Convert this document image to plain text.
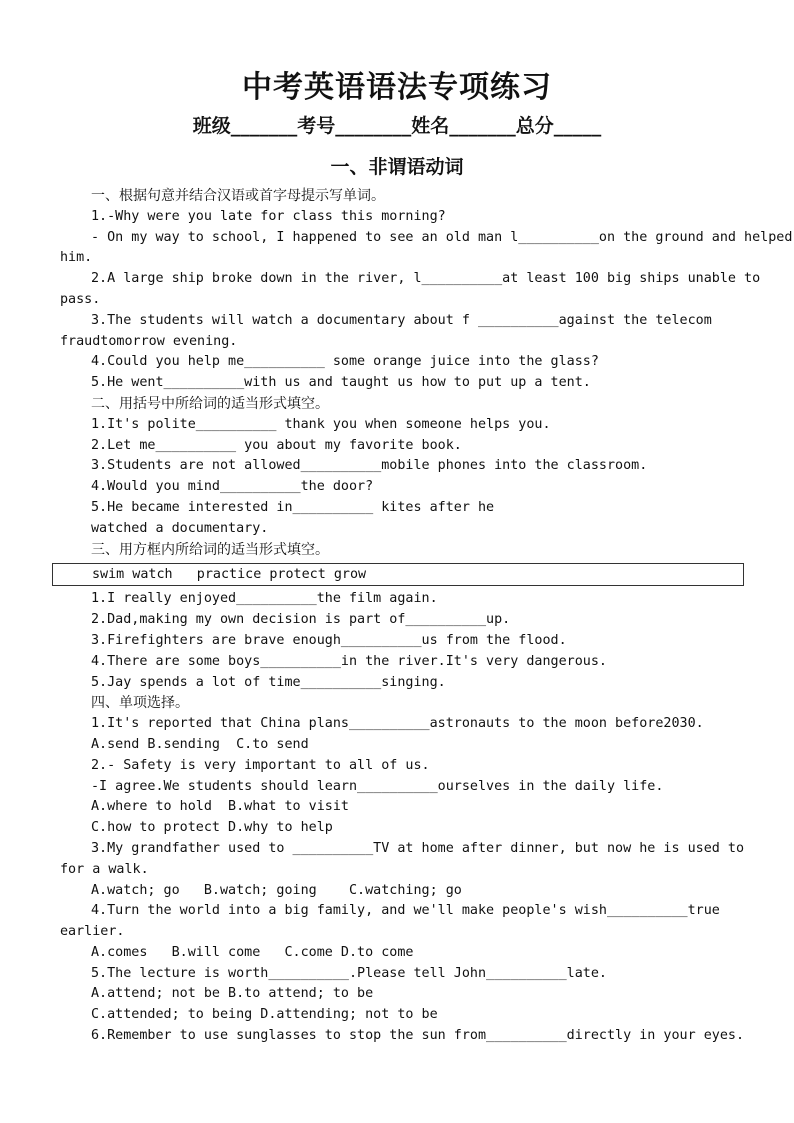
中考英语语法专项练习
班级_______考号________姓名_______总分_____
一、非谓语动词
一、根据句意并结合汉语或首字母提示写单词。
1.-Why were you late for class this morning?
- On my way to school, I happened to see an old man l__________on the ground and helped
him.
2.A large ship broke down in the river, l__________at least 100 big ships unable to
pass.
3.The students will watch a documentary about f __________against the telecom
fraudtomorrow evening.
4.Could you help me__________ some orange juice into the glass?
5.He went__________with us and taught us how to put up a tent.
二、用括号中所给词的适当形式填空。
1.It's polite__________ thank you when someone helps you.
2.Let me__________ you about my favorite book.
3.Students are not allowed__________mobile phones into the classroom.
4.Would you mind__________the door?
5.He became interested in__________ kites after he
watched a documentary.
三、用方框内所给词的适当形式填空。
swim watch   practice protect grow
1.I really enjoyed__________the film again.
2.Dad,making my own decision is part of__________up.
3.Firefighters are brave enough__________us from the flood.
4.There are some boys__________in the river.It's very dangerous.
5.Jay spends a lot of time__________singing.
四、单项选择。
1.It's reported that China plans__________astronauts to the moon before2030.
A.send B.sending  C.to send
2.- Safety is very important to all of us.
-I agree.We students should learn__________ourselves in the daily life.
A.where to hold  B.what to visit
C.how to protect D.why to help
3.My grandfather used to __________TV at home after dinner, but now he is used to
for a walk.
A.watch; go   B.watch; going    C.watching; go
4.Turn the world into a big family, and we'll make people's wish__________true
earlier.
A.comes   B.will come   C.come D.to come
5.The lecture is worth__________.Please tell John__________late.
A.attend; not be B.to attend; to be
C.attended; to being D.attending; not to be
6.Remember to use sunglasses to stop the sun from__________directly in your eyes.
